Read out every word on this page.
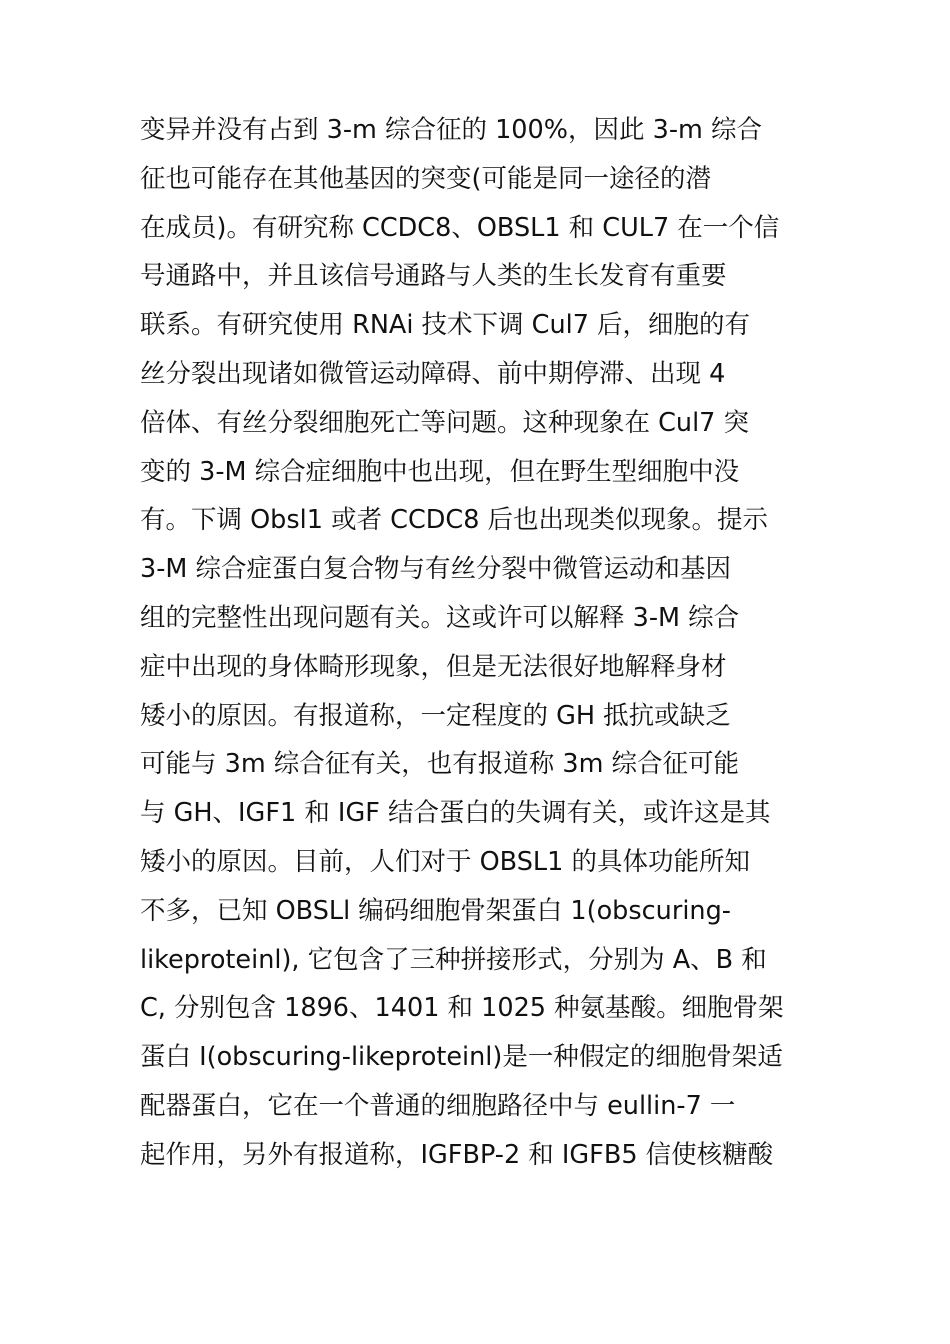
变异并没有占到 3-m 综合征的 100%，因此 3-m 综合
征也可能存在其他基因的突变(可能是同一途径的潜
在成员)。有研究称 CCDC8、OBSL1 和 CUL7 在一个信
号通路中，并且该信号通路与人类的生长发育有重要
联系。有研究使用 RNAi 技术下调 Cul7 后，细胞的有
丝分裂出现诸如微管运动障碍、前中期停滞、出现 4
倍体、有丝分裂细胞死亡等问题。这种现象在 Cul7 突
变的 3-M 综合症细胞中也出现，但在野生型细胞中没
有。下调 Obsl1 或者 CCDC8 后也出现类似现象。提示
3-M 综合症蛋白复合物与有丝分裂中微管运动和基因
组的完整性出现问题有关。这或许可以解释 3-M 综合
症中出现的身体畸形现象，但是无法很好地解释身材
矮小的原因。有报道称，一定程度的 GH 抵抗或缺乏
可能与 3m 综合征有关，也有报道称 3m 综合征可能
与 GH、IGF1 和 IGF 结合蛋白的失调有关，或许这是其
矮小的原因。目前，人们对于 OBSL1 的具体功能所知
不多，已知 OBSLl 编码细胞骨架蛋白 1(obscuring-
likeproteinl), 它包含了三种拼接形式，分别为 A、B 和
C, 分别包含 1896、1401 和 1025 种氨基酸。细胞骨架
蛋白 I(obscuring-likeproteinl)是一种假定的细胞骨架适
配器蛋白，它在一个普通的细胞路径中与 eullin-7 一
起作用，另外有报道称，IGFBP-2 和 IGFB5 信使核糖酸
